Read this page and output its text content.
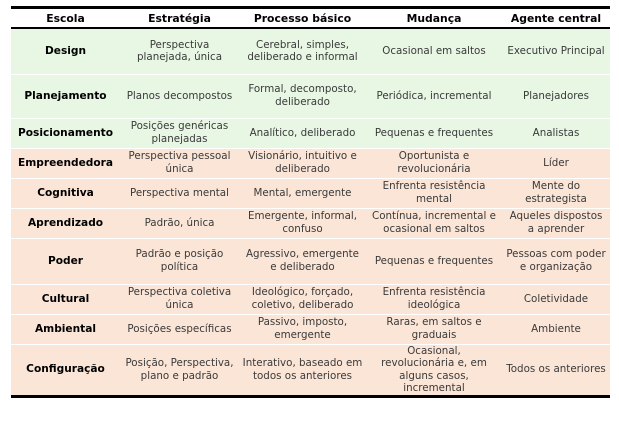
Escola	Estratégia	Processo básico	Mudança	Agente central
Design	Perspectiva planejada, única	Cerebral, simples, deliberado e informal	Ocasional em saltos	Executivo Principal
Planejamento	Planos decompostos	Formal, decomposto, deliberado	Periódica, incremental	Planejadores
Posicionamento	Posições genéricas planejadas	Analítico, deliberado	Pequenas e frequentes	Analistas
Empreendedora	Perspectiva pessoal única	Visionário, intuitivo e deliberado	Oportunista e revolucionária	Líder
Cognitiva	Perspectiva mental	Mental, emergente	Enfrenta resistência mental	Mente do estrategista
Aprendizado	Padrão, única	Emergente, informal, confuso	Contínua, incremental e ocasional em saltos	Aqueles dispostos a aprender
Poder	Padrão e posição política	Agressivo, emergente e deliberado	Pequenas e frequentes	Pessoas com poder e organização
Cultural	Perspectiva coletiva única	Ideológico, forçado, coletivo, deliberado	Enfrenta resistência ideológica	Coletividade
Ambiental	Posições específicas	Passivo, imposto, emergente	Raras, em saltos e graduais	Ambiente
Configuração	Posição, Perspectiva, plano e padrão	Interativo, baseado em todos os anteriores	Ocasional, revolucionária e, em alguns casos, incremental	Todos os anteriores
